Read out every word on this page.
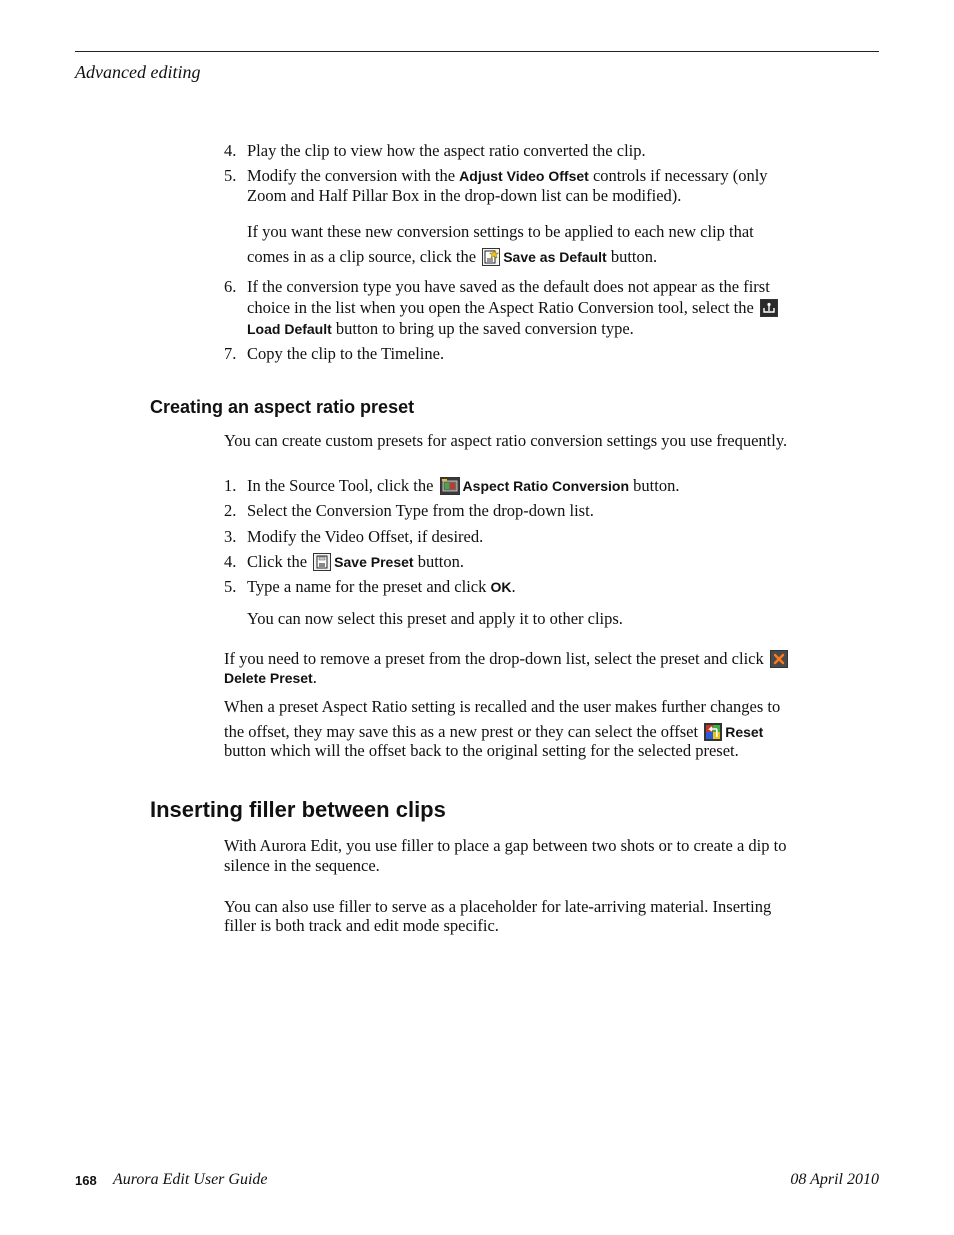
Advanced editing
4. Play the clip to view how the aspect ratio converted the clip.
5. Modify the conversion with the Adjust Video Offset controls if necessary (only
Zoom and Half Pillar Box in the drop-down list can be modified).
If you want these new conversion settings to be applied to each new clip that
comes in as a clip source, click the Save as Default button.
6. If the conversion type you have saved as the default does not appear as the first
choice in the list when you open the Aspect Ratio Conversion tool, select the
Load Default button to bring up the saved conversion type.
7. Copy the clip to the Timeline.
Creating an aspect ratio preset
You can create custom presets for aspect ratio conversion settings you use frequently.
1. In the Source Tool, click the Aspect Ratio Conversion button.
2. Select the Conversion Type from the drop-down list.
3. Modify the Video Offset, if desired.
4. Click the Save Preset button.
5. Type a name for the preset and click OK.
You can now select this preset and apply it to other clips.
If you need to remove a preset from the drop-down list, select the preset and click
Delete Preset.
When a preset Aspect Ratio setting is recalled and the user makes further changes to
the offset, they may save this as a new prest or they can select the offset Reset
button which will the offset back to the original setting for the selected preset.
Inserting filler between clips
With Aurora Edit, you use filler to place a gap between two shots or to create a dip to
silence in the sequence.
You can also use filler to serve as a placeholder for late-arriving material. Inserting
filler is both track and edit mode specific.
168 Aurora Edit User Guide	08 April 2010
